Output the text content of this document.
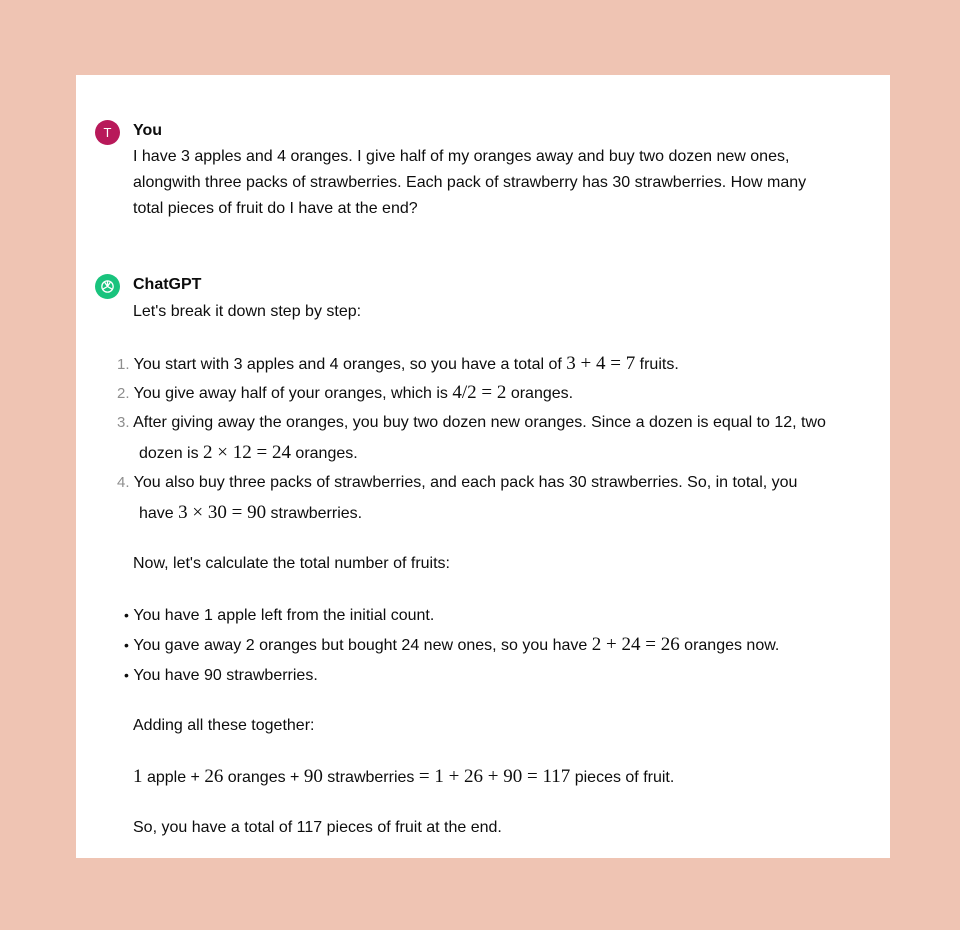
T	You
I have 3 apples and 4 oranges. I give half of my oranges away and buy two dozen new ones,
alongwith three packs of strawberries. Each pack of strawberry has 30 strawberries. How many
total pieces of fruit do I have at the end?
ChatGPT
Let's break it down step by step:
1. You start with 3 apples and 4 oranges, so you have a total of 3 + 4 = 7 fruits.
2. You give away half of your oranges, which is 4/2 = 2 oranges.
3. After giving away the oranges, you buy two dozen new oranges. Since a dozen is equal to 12, two
dozen is 2 × 12 = 24 oranges.
4. You also buy three packs of strawberries, and each pack has 30 strawberries. So, in total, you
have 3 × 30 = 90 strawberries.
Now, let's calculate the total number of fruits:
• You have 1 apple left from the initial count.
• You gave away 2 oranges but bought 24 new ones, so you have 2 + 24 = 26 oranges now.
• You have 90 strawberries.
Adding all these together:
1 apple + 26 oranges + 90 strawberries = 1 + 26 + 90 = 117 pieces of fruit.
So, you have a total of 117 pieces of fruit at the end.
